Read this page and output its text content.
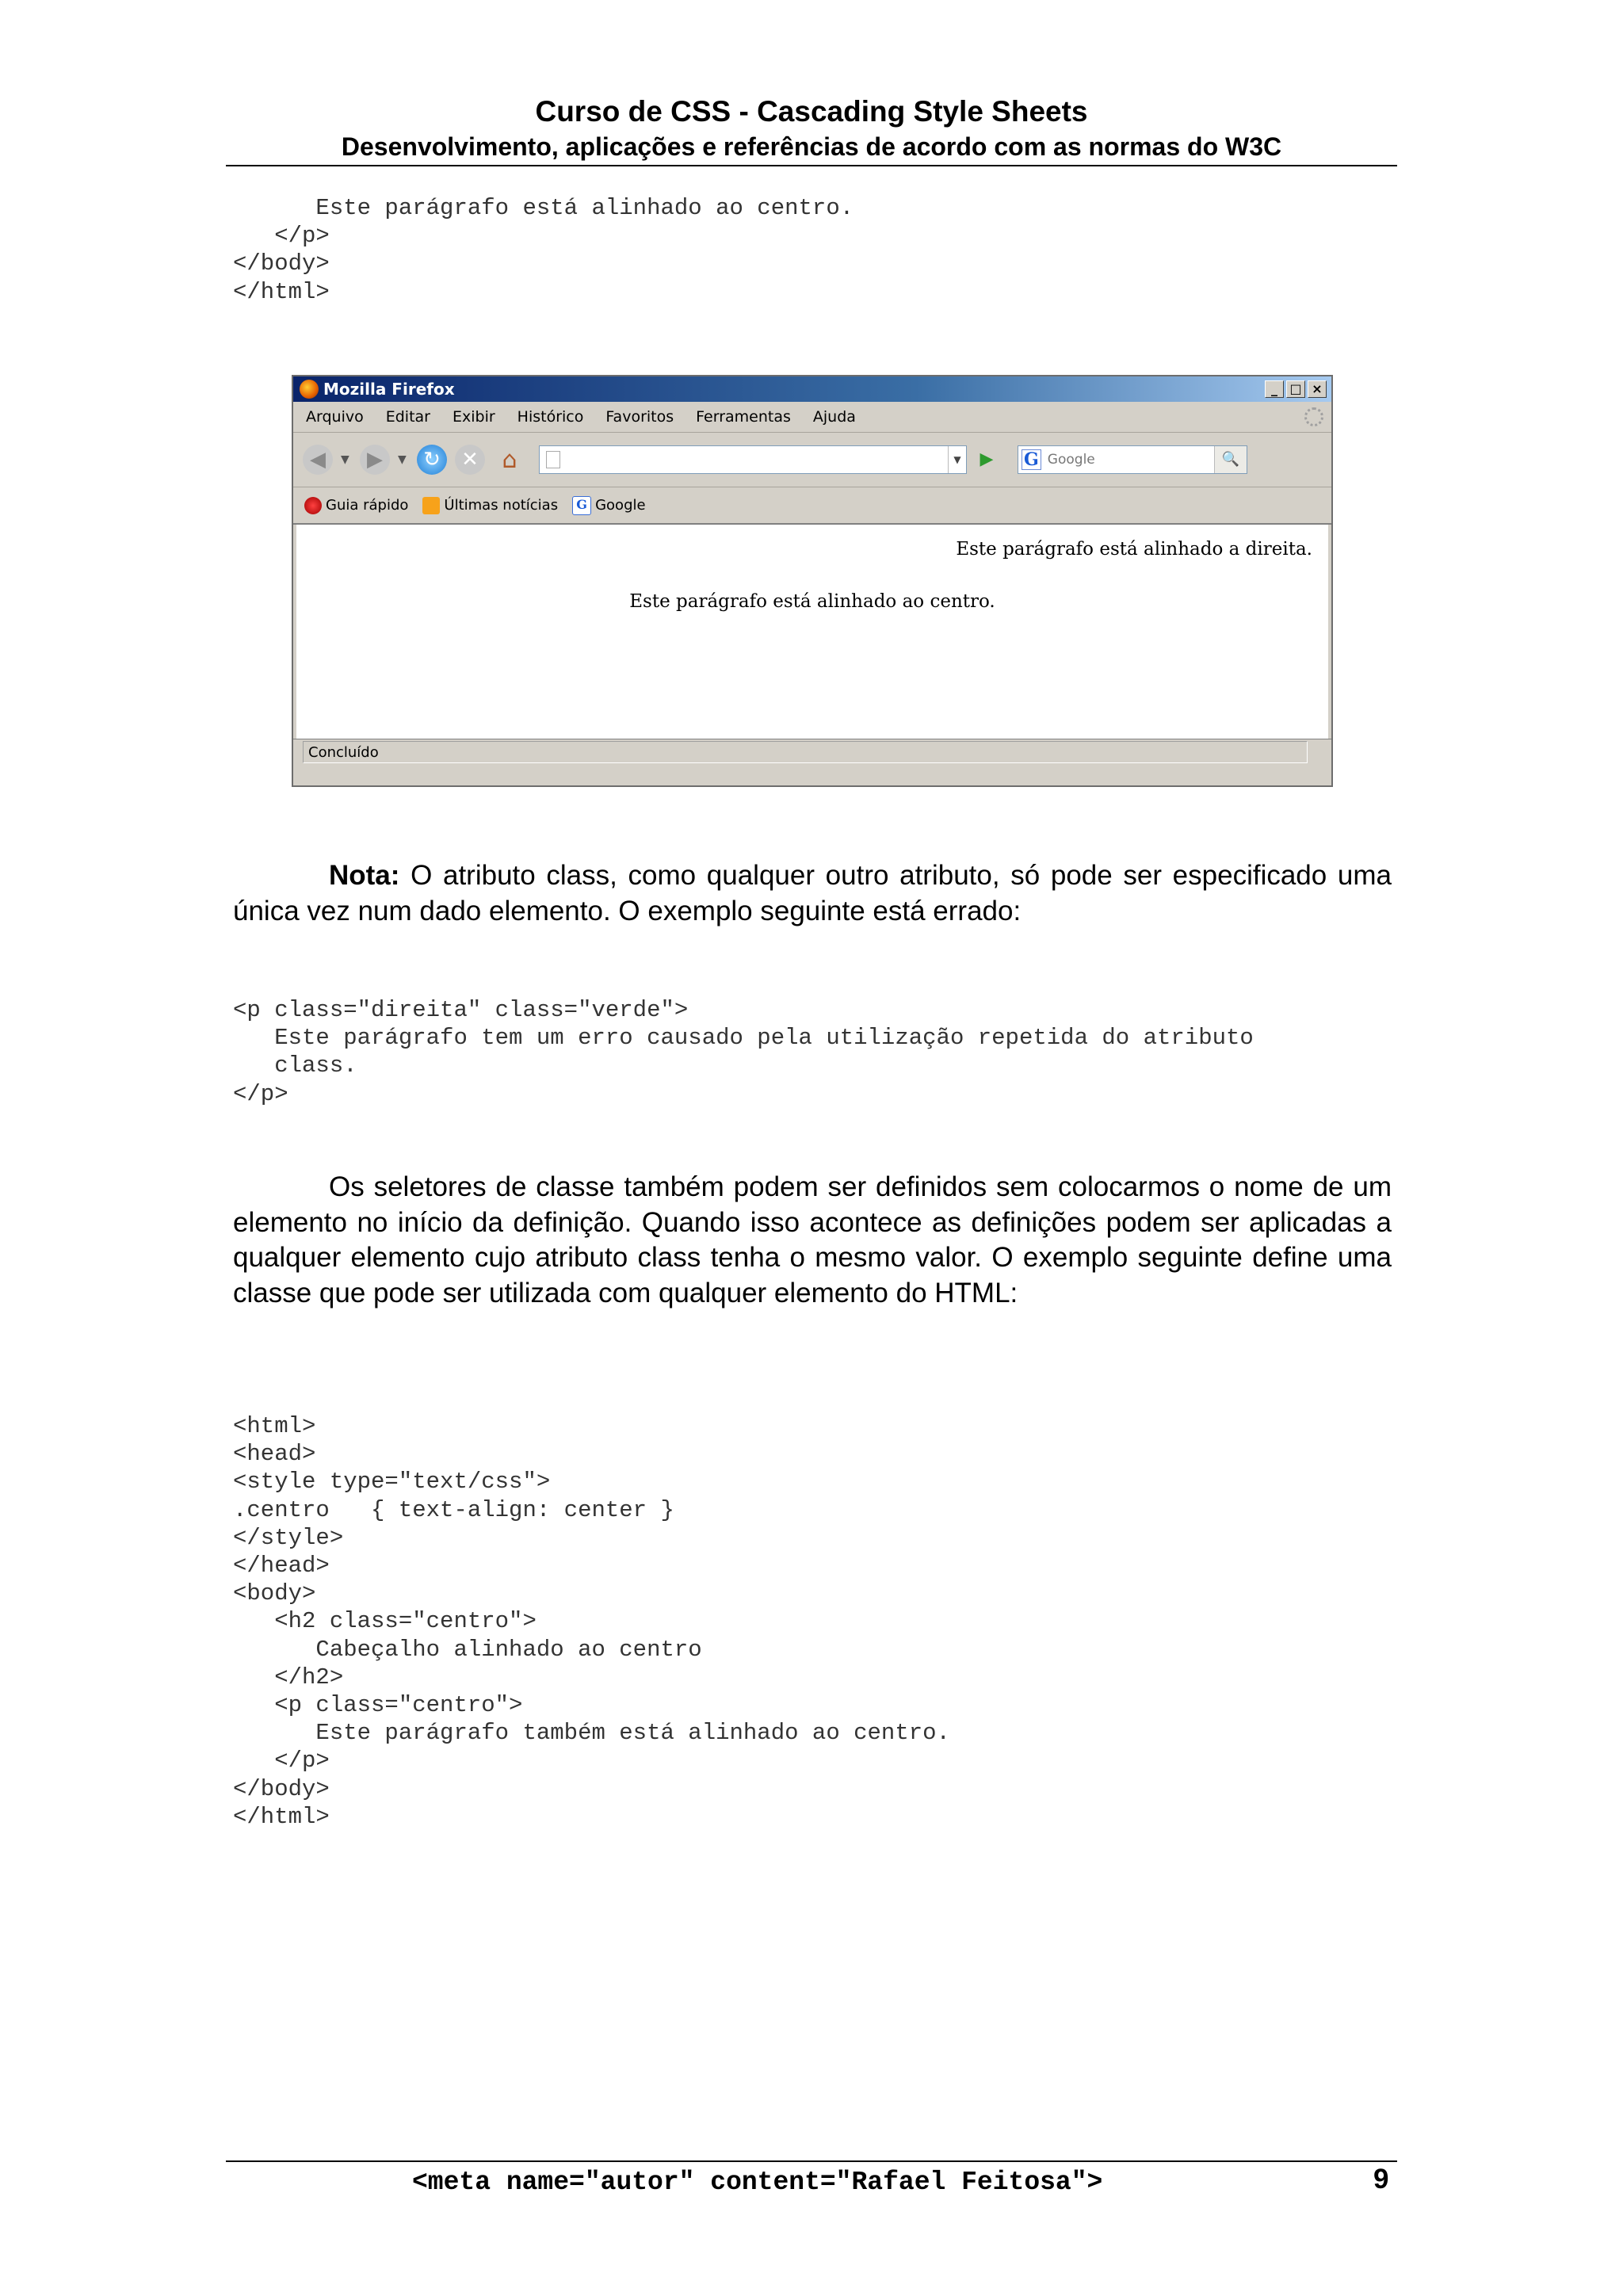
Curso de CSS - Cascading Style Sheets
Desenvolvimento, aplicações e referências de acordo com as normas do W3C
Este parágrafo está alinhado ao centro.
</p>
</body>
</html>
Mozilla Firefox	_ □ ×
Arquivo Editar Exibir Histórico Favoritos Ferramentas Ajuda
◀	▼ ▶	▼ ↻	✕ ⌂	▼ ▶ G Google	🔍
Guia rápido	Últimas notícias	G Google
Este parágrafo está alinhado a direita.
Este parágrafo está alinhado ao centro.
Concluído

Nota: O atributo class, como qualquer outro atributo, só pode ser especificado uma única vez num dado elemento. O exemplo seguinte está errado:

<p class="direita" class="verde">
Este parágrafo tem um erro causado pela utilização repetida do atributo
class.
</p>

Os seletores de classe também podem ser definidos sem colocarmos o nome de um elemento no início da definição. Quando isso acontece as definições podem ser aplicadas a qualquer elemento cujo atributo class tenha o mesmo valor. O exemplo seguinte define uma classe que pode ser utilizada com qualquer elemento do HTML:

<html>
<head>
<style type="text/css">
.centro   { text-align: center }
</style>
</head>
<body>
<h2 class="centro">
Cabeçalho alinhado ao centro
</h2>
<p class="centro">
Este parágrafo também está alinhado ao centro.
</p>
</body>
</html>
<meta name="autor" content="Rafael Feitosa">	9
